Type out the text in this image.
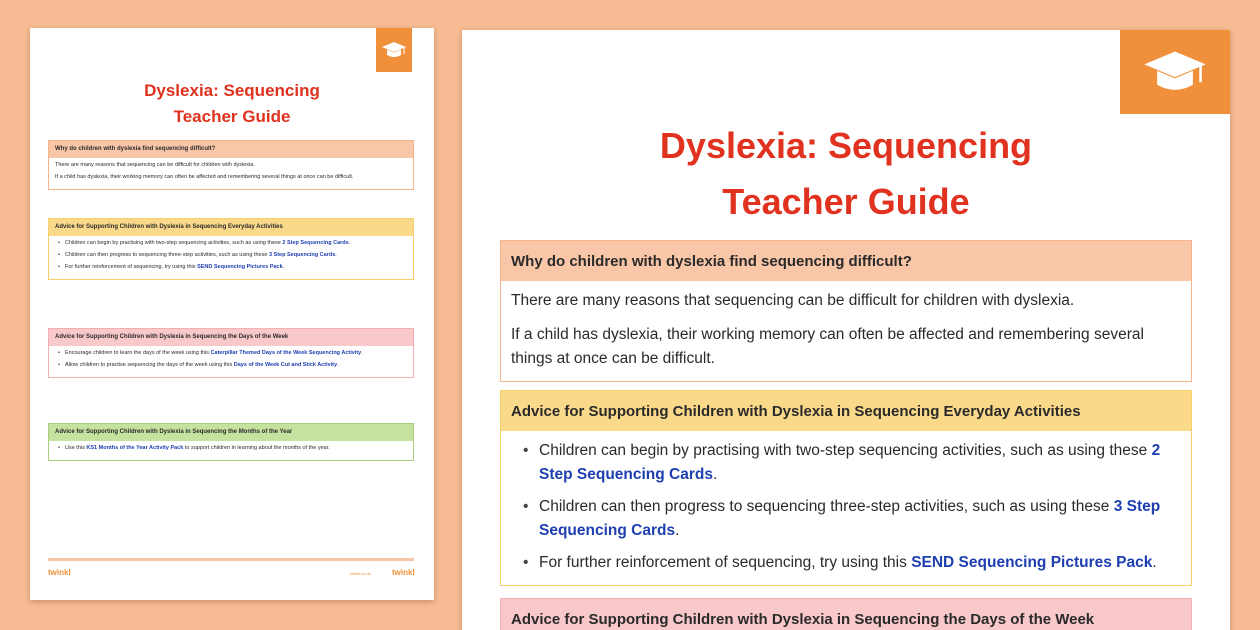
Dyslexia: Sequencing
Teacher Guide
Why do children with dyslexia find sequencing difficult?

There are many reasons that sequencing can be difficult for children with dyslexia.

If a child has dyslexia, their working memory can often be affected and remembering several things at once can be difficult.

Advice for Supporting Children with Dyslexia in Sequencing Everyday Activities
• Children can begin by practising with two-step sequencing activities, such as using these 2 Step Sequencing Cards.
• Children can then progress to sequencing three-step activities, such as using these 3 Step Sequencing Cards.
• For further reinforcement of sequencing, try using this SEND Sequencing Pictures Pack.
Advice for Supporting Children with Dyslexia in Sequencing the Days of the Week
• Encourage children to learn the days of the week using this Caterpillar Themed Days of the Week Sequencing Activity.
• Allow children to practise sequencing the days of the week using this Days of the Week Cut and Stick Activity.
Advice for Supporting Children with Dyslexia in Sequencing the Months of the Year
• Use this KS1 Months of the Year Activity Pack to support children in learning about the months of the year.
twinkl	twinkl.co.uk	twinkl
Dyslexia: Sequencing
Teacher Guide
Why do children with dyslexia find sequencing difficult?

There are many reasons that sequencing can be difficult for children with dyslexia.

If a child has dyslexia, their working memory can often be affected and remembering several things at once can be difficult.

Advice for Supporting Children with Dyslexia in Sequencing Everyday Activities
• Children can begin by practising with two-step sequencing activities, such as using these 2 Step Sequencing Cards.
• Children can then progress to sequencing three-step activities, such as using these 3 Step Sequencing Cards.
• For further reinforcement of sequencing, try using this SEND Sequencing Pictures Pack.
Advice for Supporting Children with Dyslexia in Sequencing the Days of the Week
